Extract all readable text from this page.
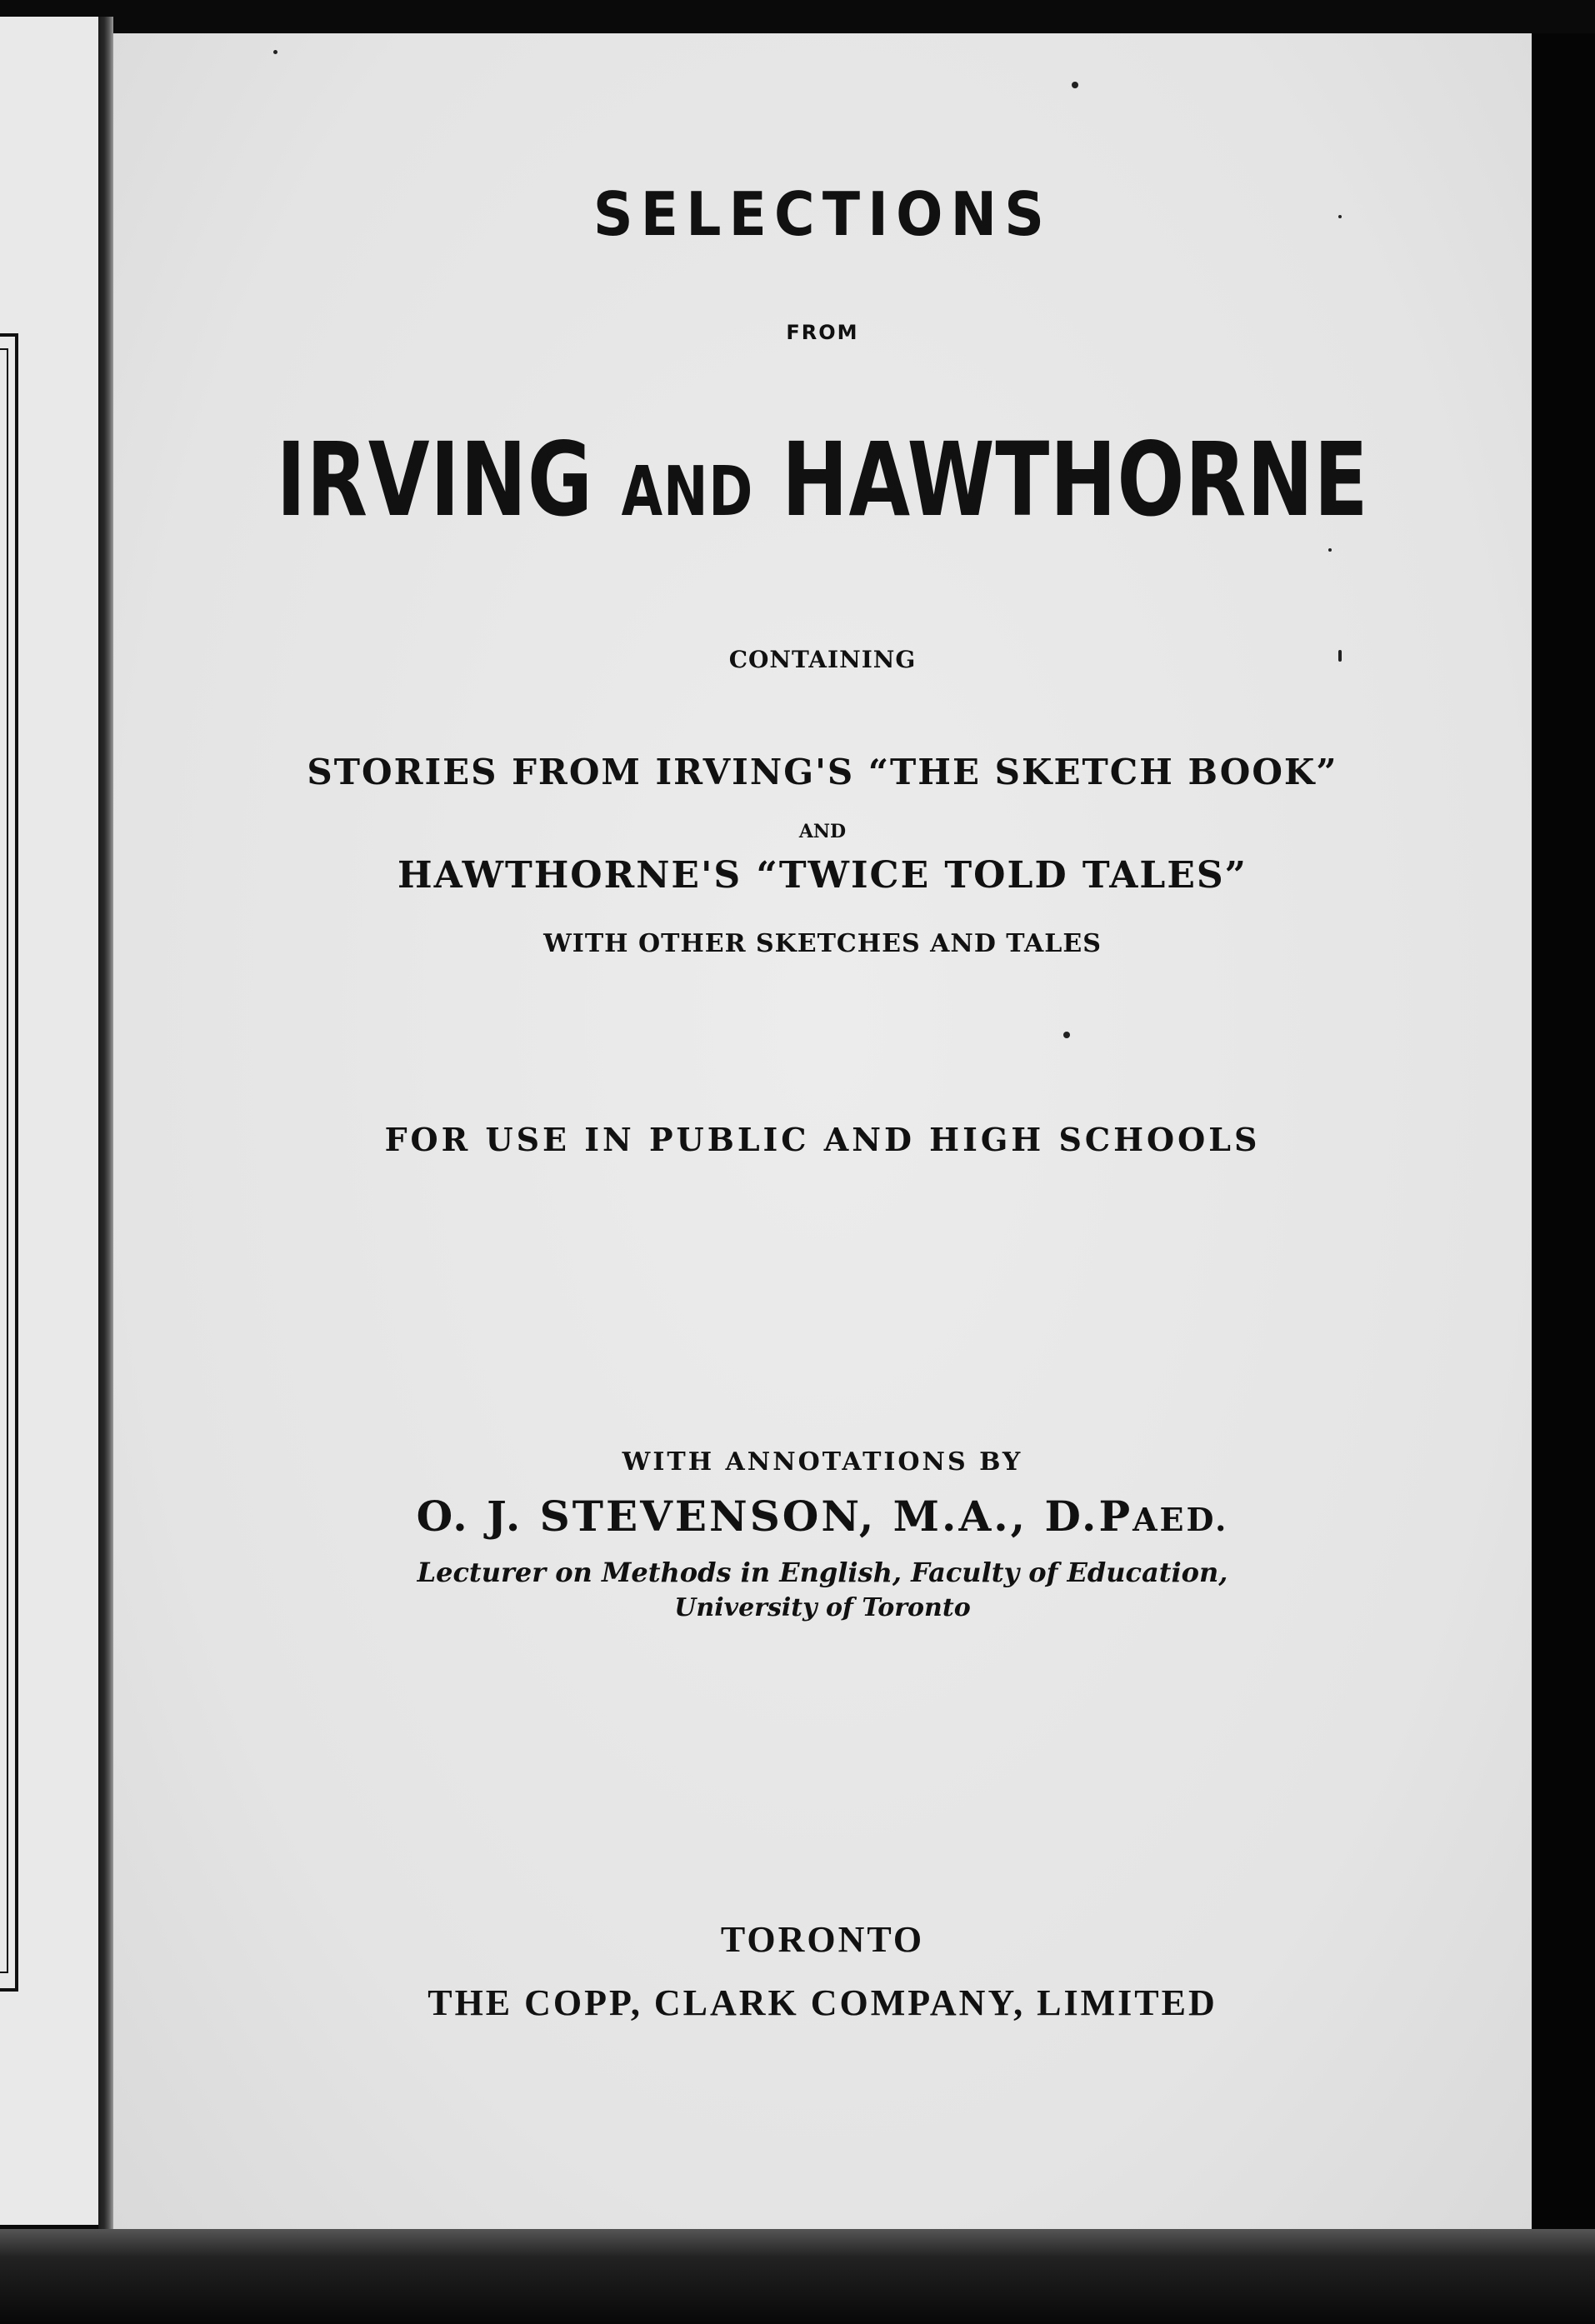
SELECTIONS

FROM

IRVING AND HAWTHORNE

CONTAINING

STORIES FROM IRVING'S “THE SKETCH BOOK”

AND

HAWTHORNE'S “TWICE TOLD TALES”

WITH OTHER SKETCHES AND TALES

FOR USE IN PUBLIC AND HIGH SCHOOLS

WITH ANNOTATIONS BY

O. J. STEVENSON, M.A., D.PAED.

Lecturer on Methods in English, Faculty of Education,

University of Toronto

TORONTO

THE COPP, CLARK COMPANY, LIMITED
